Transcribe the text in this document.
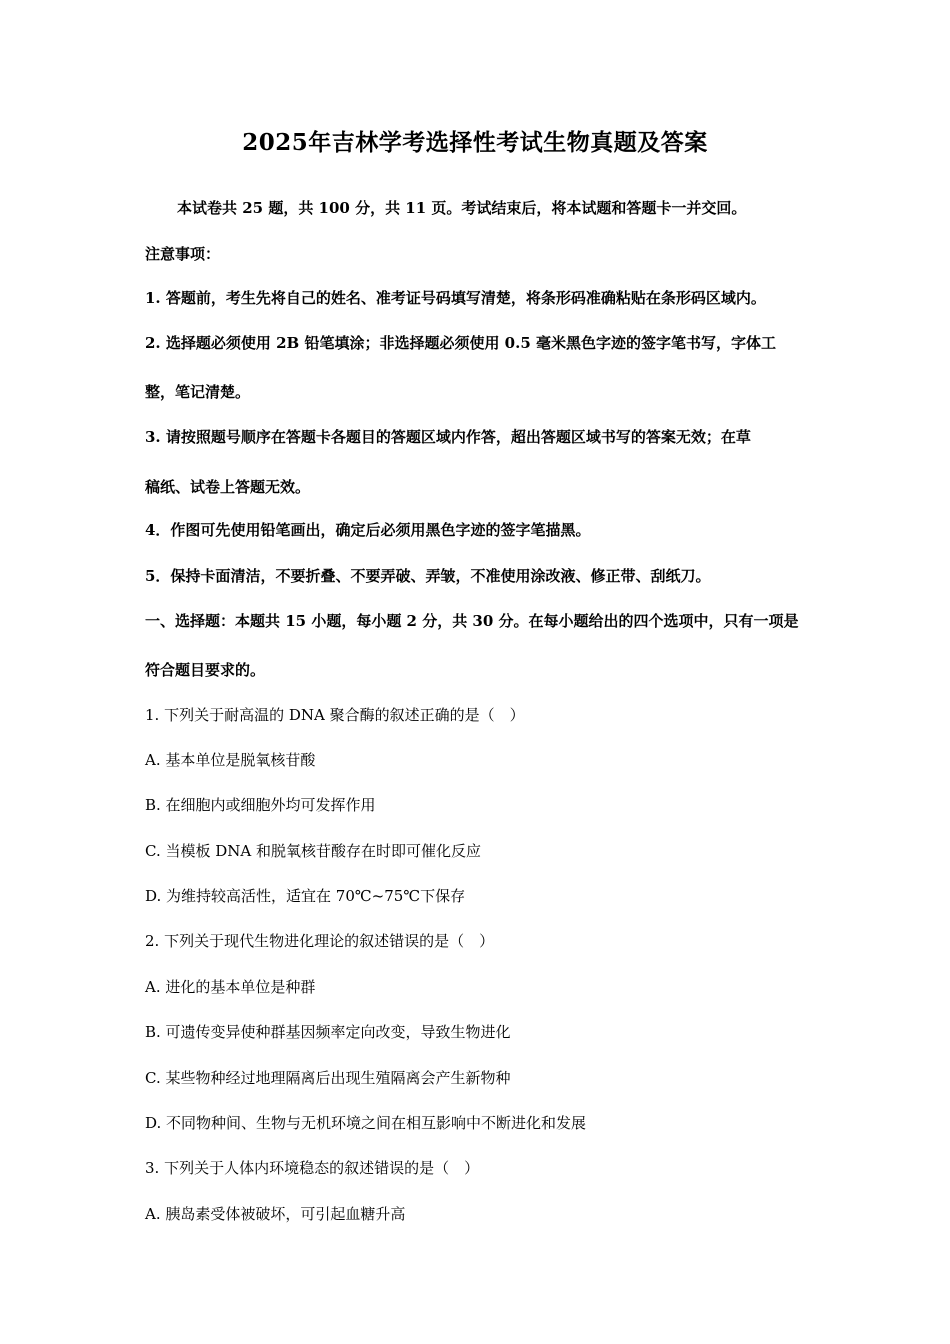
2025年吉林学考选择性考试生物真题及答案

本试卷共 25 题，共 100 分，共 11 页。考试结束后，将本试题和答题卡一并交回。

注意事项：

1. 答题前，考生先将自己的姓名、准考证号码填写清楚，将条形码准确粘贴在条形码区域内。

2. 选择题必须使用 2B 铅笔填涂；非选择题必须使用 0.5 毫米黑色字迹的签字笔书写，字体工

整，笔记清楚。

3. 请按照题号顺序在答题卡各题目的答题区域内作答，超出答题区域书写的答案无效；在草

稿纸、试卷上答题无效。

4．作图可先使用铅笔画出，确定后必须用黑色字迹的签字笔描黑。

5．保持卡面清洁，不要折叠、不要弄破、弄皱，不准使用涂改液、修正带、刮纸刀。

一、选择题：本题共 15 小题，每小题 2 分，共 30 分。在每小题给出的四个选项中，只有一项是

符合题目要求的。

1. 下列关于耐高温的 DNA 聚合酶的叙述正确的是（　）

A. 基本单位是脱氧核苷酸

B. 在细胞内或细胞外均可发挥作用

C. 当模板 DNA 和脱氧核苷酸存在时即可催化反应

D. 为维持较高活性，适宜在 70℃~75℃下保存

2. 下列关于现代生物进化理论的叙述错误的是（　）

A. 进化的基本单位是种群

B. 可遗传变异使种群基因频率定向改变，导致生物进化

C. 某些物种经过地理隔离后出现生殖隔离会产生新物种

D. 不同物种间、生物与无机环境之间在相互影响中不断进化和发展

3. 下列关于人体内环境稳态的叙述错误的是（　）

A. 胰岛素受体被破坏，可引起血糖升高
